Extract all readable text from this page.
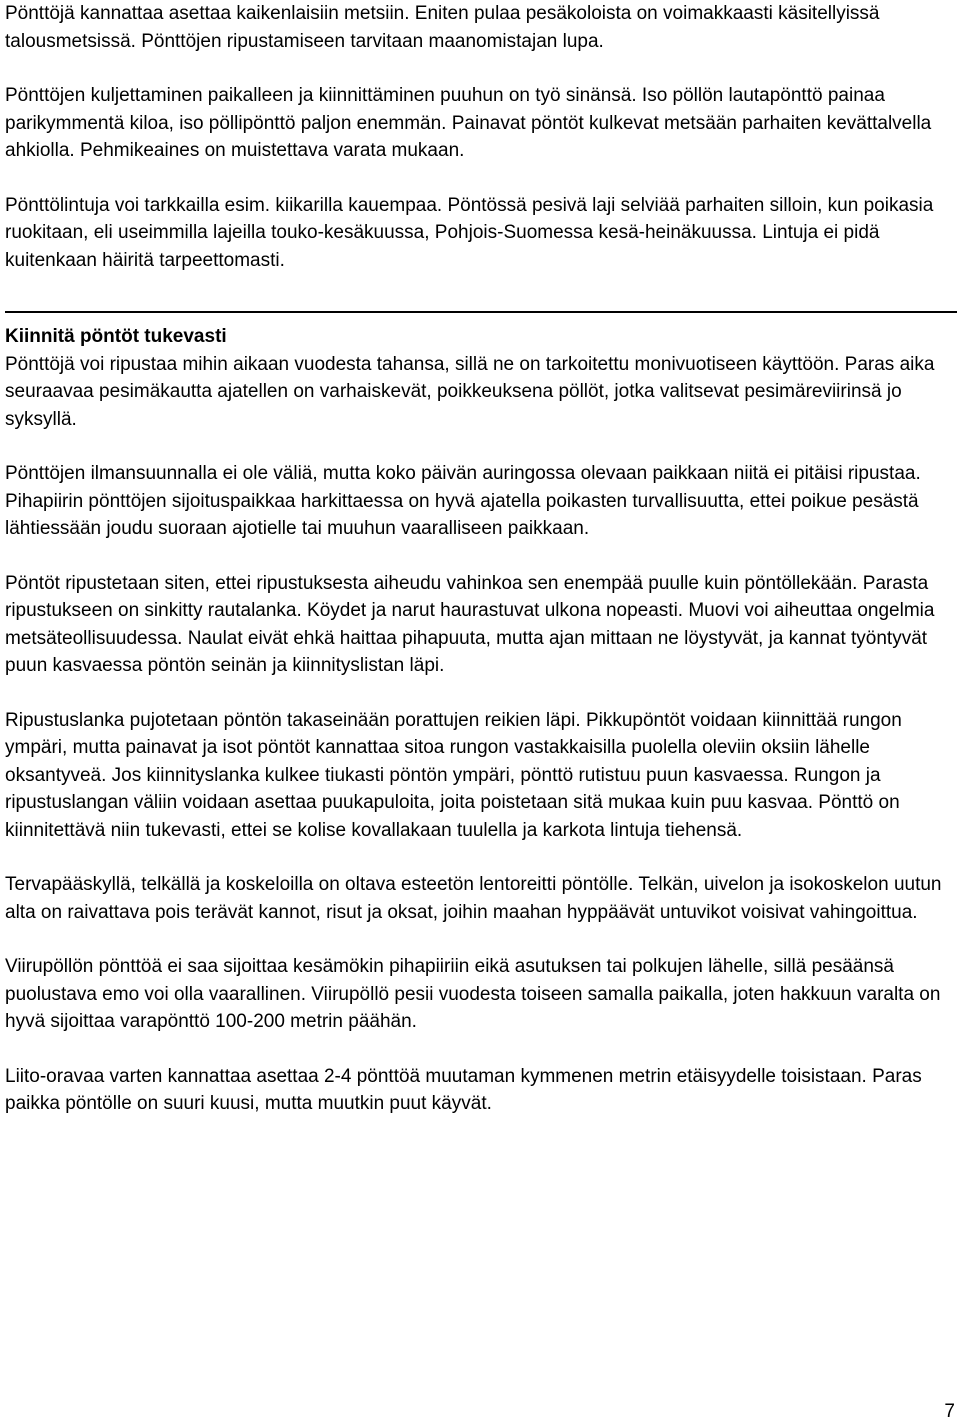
Pönttöjä kannattaa asettaa kaikenlaisiin metsiin. Eniten pulaa pesäkoloista on voimakkaasti käsitellyissä talousmetsissä. Pönttöjen ripustamiseen tarvitaan maanomistajan lupa.

Pönttöjen kuljettaminen paikalleen ja kiinnittäminen puuhun on työ sinänsä. Iso pöllön lautapönttö painaa parikymmentä kiloa, iso pöllipönttö paljon enemmän. Painavat pöntöt kulkevat metsään parhaiten kevättalvella ahkiolla. Pehmikeaines on muistettava varata mukaan.

Pönttölintuja voi tarkkailla esim. kiikarilla kauempaa. Pöntössä pesivä laji selviää parhaiten silloin, kun poikasia ruokitaan, eli useimmilla lajeilla touko-kesäkuussa, Pohjois-Suomessa kesä-heinäkuussa. Lintuja ei pidä kuitenkaan häiritä tarpeettomasti.

Kiinnitä pöntöt tukevasti

Pönttöjä voi ripustaa mihin aikaan vuodesta tahansa, sillä ne on tarkoitettu monivuotiseen käyttöön. Paras aika seuraavaa pesimäkautta ajatellen on varhaiskevät, poikkeuksena pöllöt, jotka valitsevat pesimäreviirinsä jo syksyllä.

Pönttöjen ilmansuunnalla ei ole väliä, mutta koko päivän auringossa olevaan paikkaan niitä ei pitäisi ripustaa. Pihapiirin pönttöjen sijoituspaikkaa harkittaessa on hyvä ajatella poikasten turvallisuutta, ettei poikue pesästä lähtiessään joudu suoraan ajotielle tai muuhun vaaralliseen paikkaan.

Pöntöt ripustetaan siten, ettei ripustuksesta aiheudu vahinkoa sen enempää puulle kuin pöntöllekään. Parasta ripustukseen on sinkitty rautalanka. Köydet ja narut haurastuvat ulkona nopeasti. Muovi voi aiheuttaa ongelmia metsäteollisuudessa. Naulat eivät ehkä haittaa pihapuuta, mutta ajan mittaan ne löystyvät, ja kannat työntyvät puun kasvaessa pöntön seinän ja kiinnityslistan läpi.

Ripustuslanka pujotetaan pöntön takaseinään porattujen reikien läpi. Pikkupöntöt voidaan kiinnittää rungon ympäri, mutta painavat ja isot pöntöt kannattaa sitoa rungon vastakkaisilla puolella oleviin oksiin lähelle oksantyveä. Jos kiinnityslanka kulkee tiukasti pöntön ympäri, pönttö rutistuu puun kasvaessa. Rungon ja ripustuslangan väliin voidaan asettaa puukapuloita, joita poistetaan sitä mukaa kuin puu kasvaa. Pönttö on kiinnitettävä niin tukevasti, ettei se kolise kovallakaan tuulella ja karkota lintuja tiehensä.

Tervapääskyllä, telkällä ja koskeloilla on oltava esteetön lentoreitti pöntölle. Telkän, uivelon ja isokoskelon uutun alta on raivattava pois terävät kannot, risut ja oksat, joihin maahan hyppäävät untuvikot voisivat vahingoittua.

Viirupöllön pönttöä ei saa sijoittaa kesämökin pihapiiriin eikä asutuksen tai polkujen lähelle, sillä pesäänsä puolustava emo voi olla vaarallinen. Viirupöllö pesii vuodesta toiseen samalla paikalla, joten hakkuun varalta on hyvä sijoittaa varapönttö 100-200 metrin päähän.

Liito-oravaa varten kannattaa asettaa 2-4 pönttöä muutaman kymmenen metrin etäisyydelle toisistaan. Paras paikka pöntölle on suuri kuusi, mutta muutkin puut käyvät.

7
